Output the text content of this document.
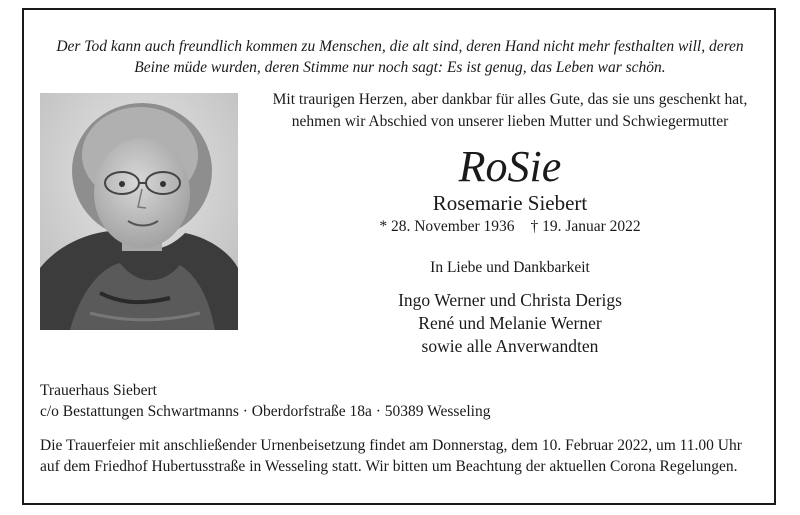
Der Tod kann auch freundlich kommen zu Menschen, die alt sind, deren Hand nicht mehr festhalten will, deren
Beine müde wurden, deren Stimme nur noch sagt: Es ist genug, das Leben war schön.
Mit traurigen Herzen, aber dankbar für alles Gute, das sie uns geschenkt hat,
nehmen wir Abschied von unserer lieben Mutter und Schwiegermutter
RoSie
Rosemarie Siebert
* 28. November 1936 † 19. Januar 2022
In Liebe und Dankbarkeit
Ingo Werner und Christa Derigs
René und Melanie Werner
sowie alle Anverwandten
Trauerhaus Siebert
c/o Bestattungen Schwartmanns · Oberdorfstraße 18a · 50389 Wesseling
Die Trauerfeier mit anschließender Urnenbeisetzung findet am Donnerstag, dem 10. Februar 2022, um 11.00 Uhr
auf dem Friedhof Hubertusstraße in Wesseling statt. Wir bitten um Beachtung der aktuellen Corona Regelungen.
